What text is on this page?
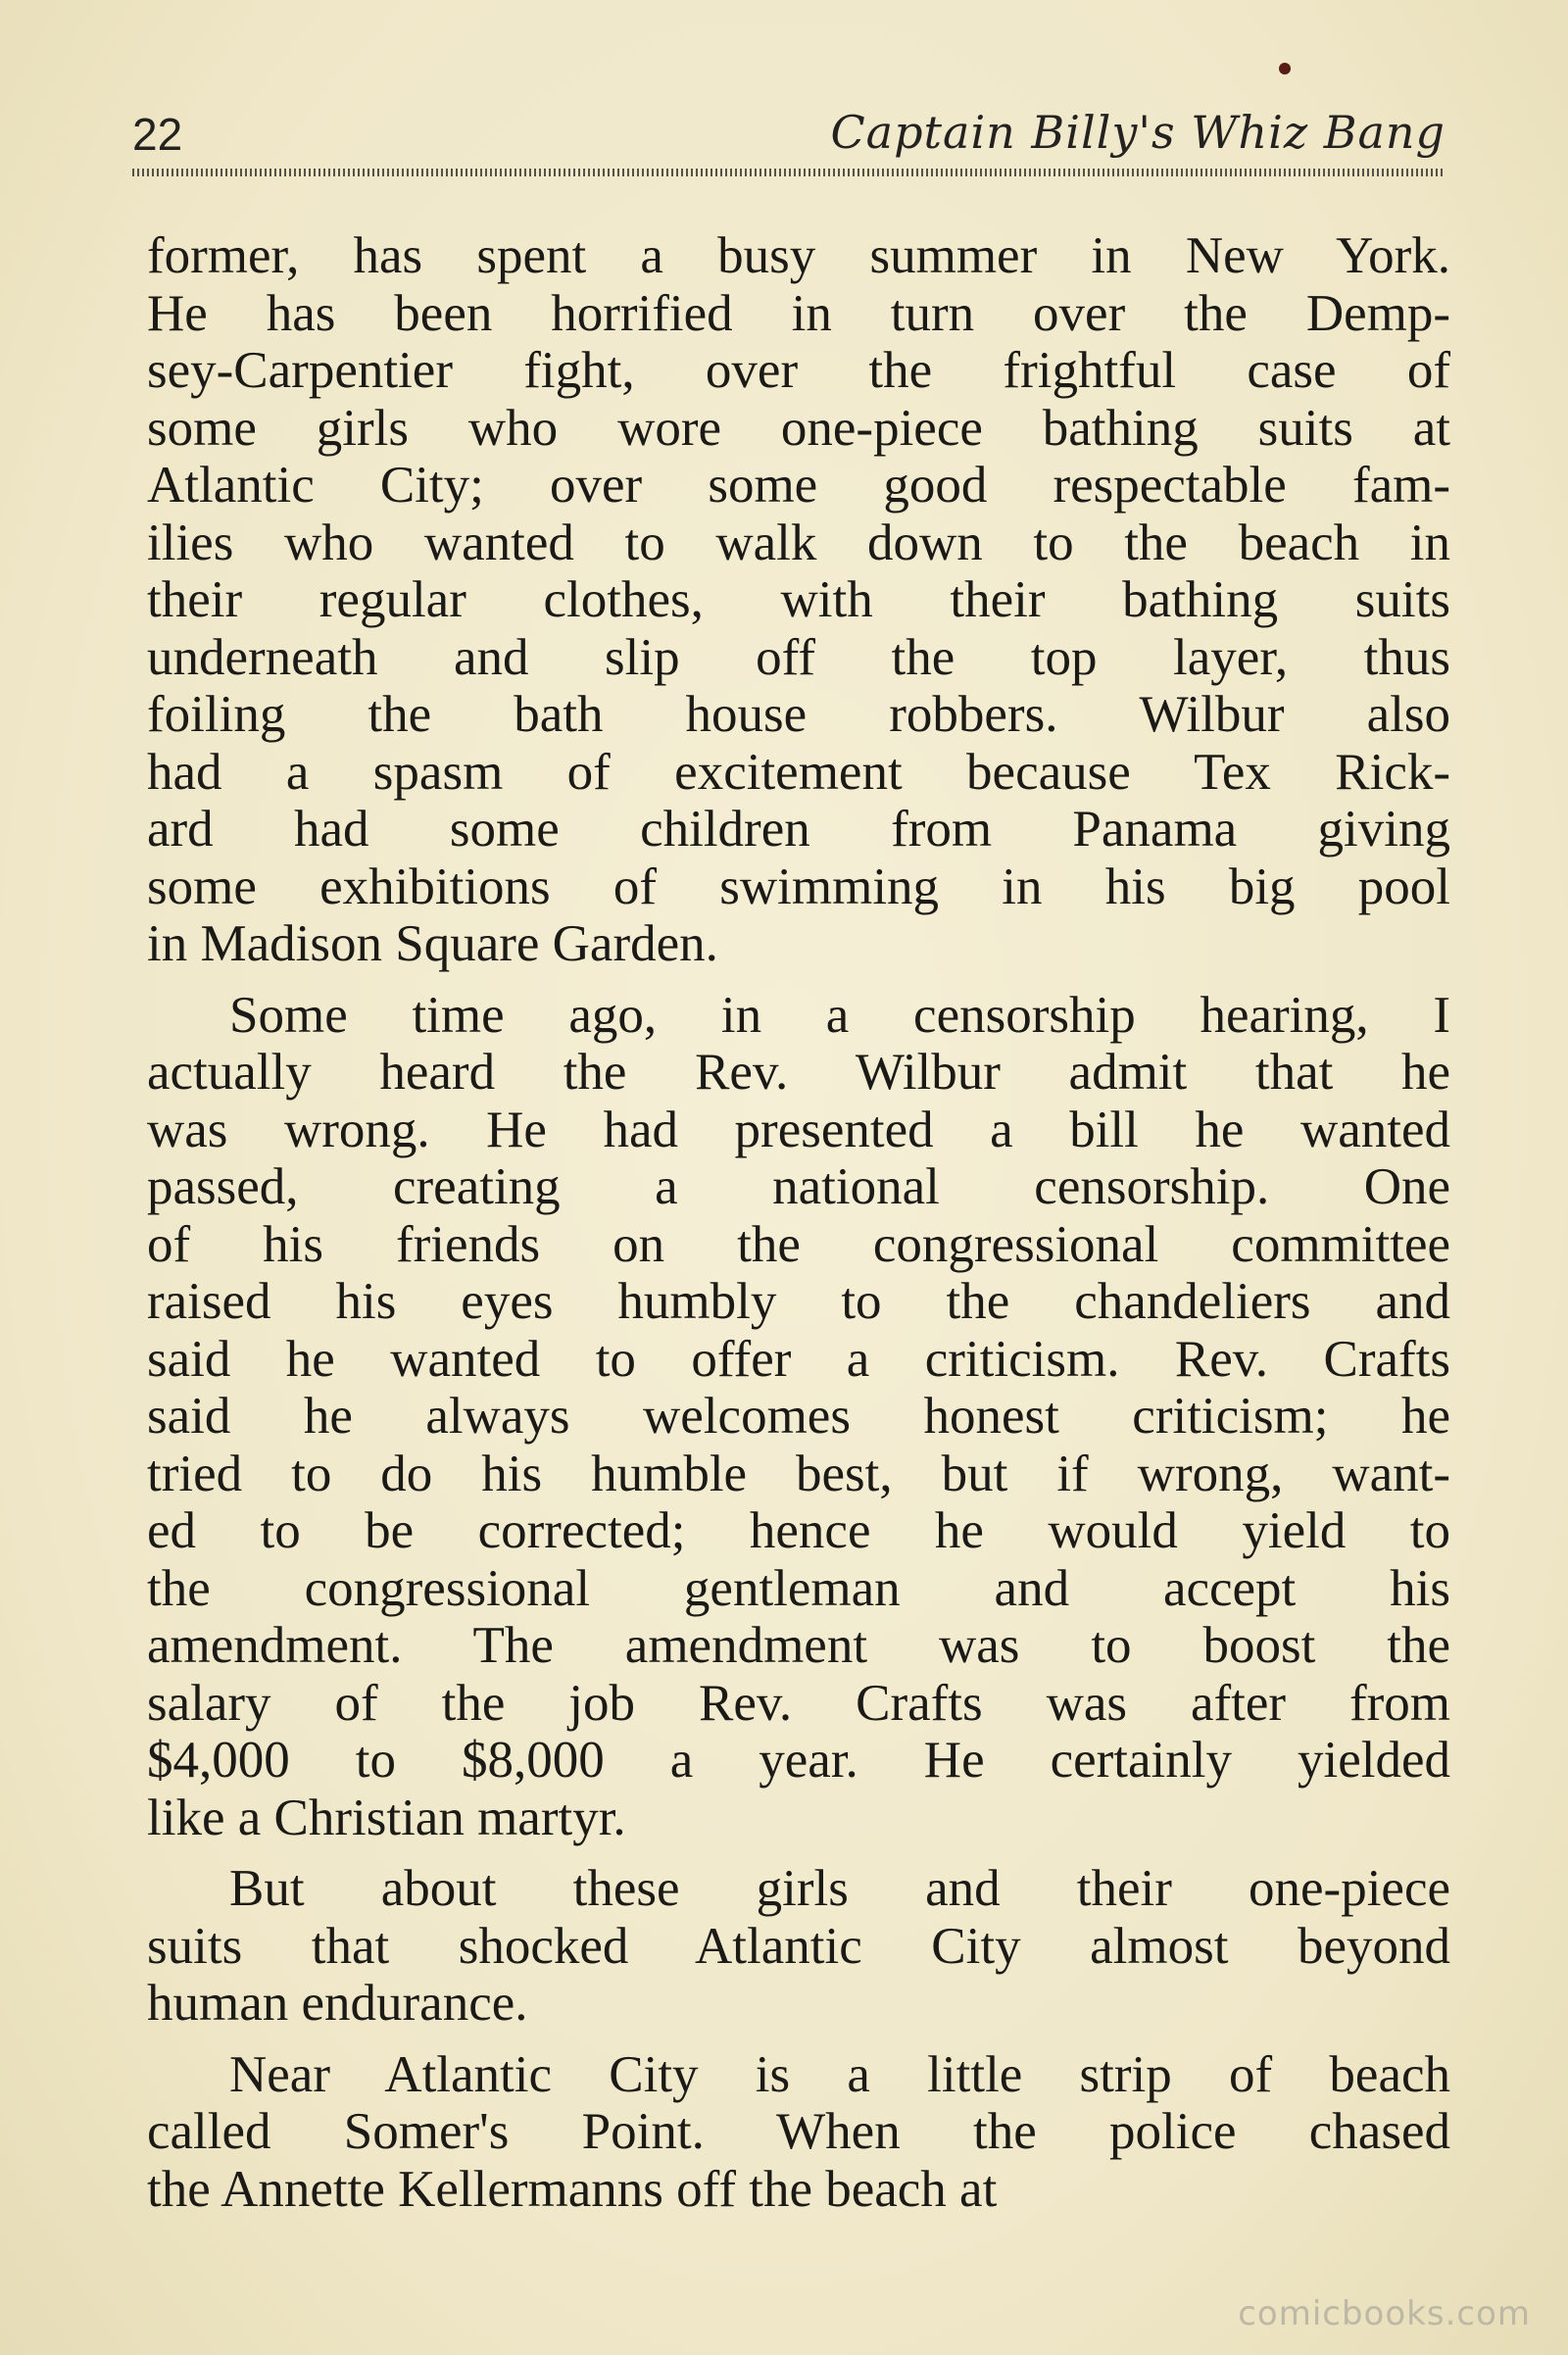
22	Captain Billy's Whiz Bang
former, has spent a busy summer in New York.
He has been horrified in turn over the Demp-
sey-Carpentier fight, over the frightful case of
some girls who wore one-piece bathing suits at
Atlantic City; over some good respectable fam-
ilies who wanted to walk down to the beach in
their regular clothes, with their bathing suits
underneath and slip off the top layer, thus
foiling the bath house robbers. Wilbur also
had a spasm of excitement because Tex Rick-
ard had some children from Panama giving
some exhibitions of swimming in his big pool
in Madison Square Garden.
Some time ago, in a censorship hearing, I
actually heard the Rev. Wilbur admit that he
was wrong. He had presented a bill he wanted
passed, creating a national censorship. One
of his friends on the congressional committee
raised his eyes humbly to the chandeliers and
said he wanted to offer a criticism. Rev. Crafts
said he always welcomes honest criticism; he
tried to do his humble best, but if wrong, want-
ed to be corrected; hence he would yield to
the congressional gentleman and accept his
amendment. The amendment was to boost the
salary of the job Rev. Crafts was after from
$4,000 to $8,000 a year. He certainly yielded
like a Christian martyr.
But about these girls and their one-piece
suits that shocked Atlantic City almost beyond
human endurance.
Near Atlantic City is a little strip of beach
called Somer's Point. When the police chased
the Annette Kellermanns off the beach at
comicbooks.com
